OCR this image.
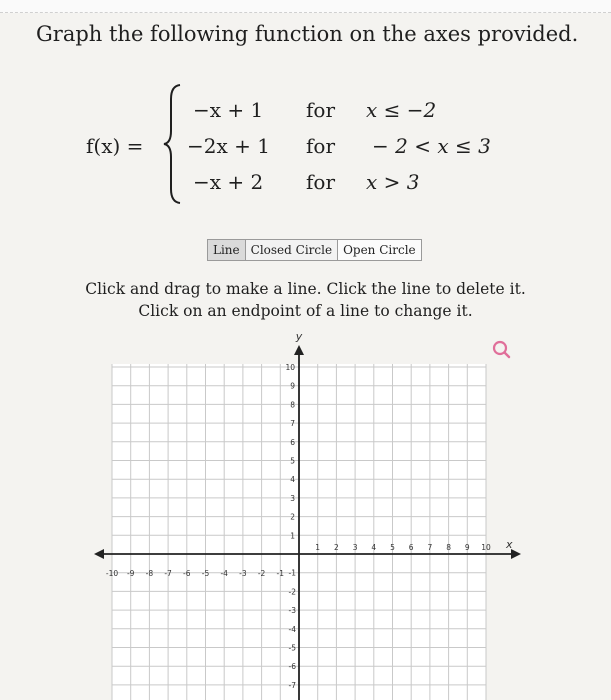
Graph the following function on the axes provided.
f(x) =
−x + 1 for x ≤ −2
−2x + 1 for − 2 < x ≤ 3
−x + 2 for x > 3
Line Closed Circle Open Circle
Click and drag to make a line. Click the line to delete it.
Click on an endpoint of a line to change it.
y
x
-10 -9 -8 -7 -6 -5 -4 -3 -2 -1
1 2 3 4 5 6 7 8 9 10
10
9
8
7
6
5
4
3
2
1
-1
-2
-3
-4
-5
-6
-7
